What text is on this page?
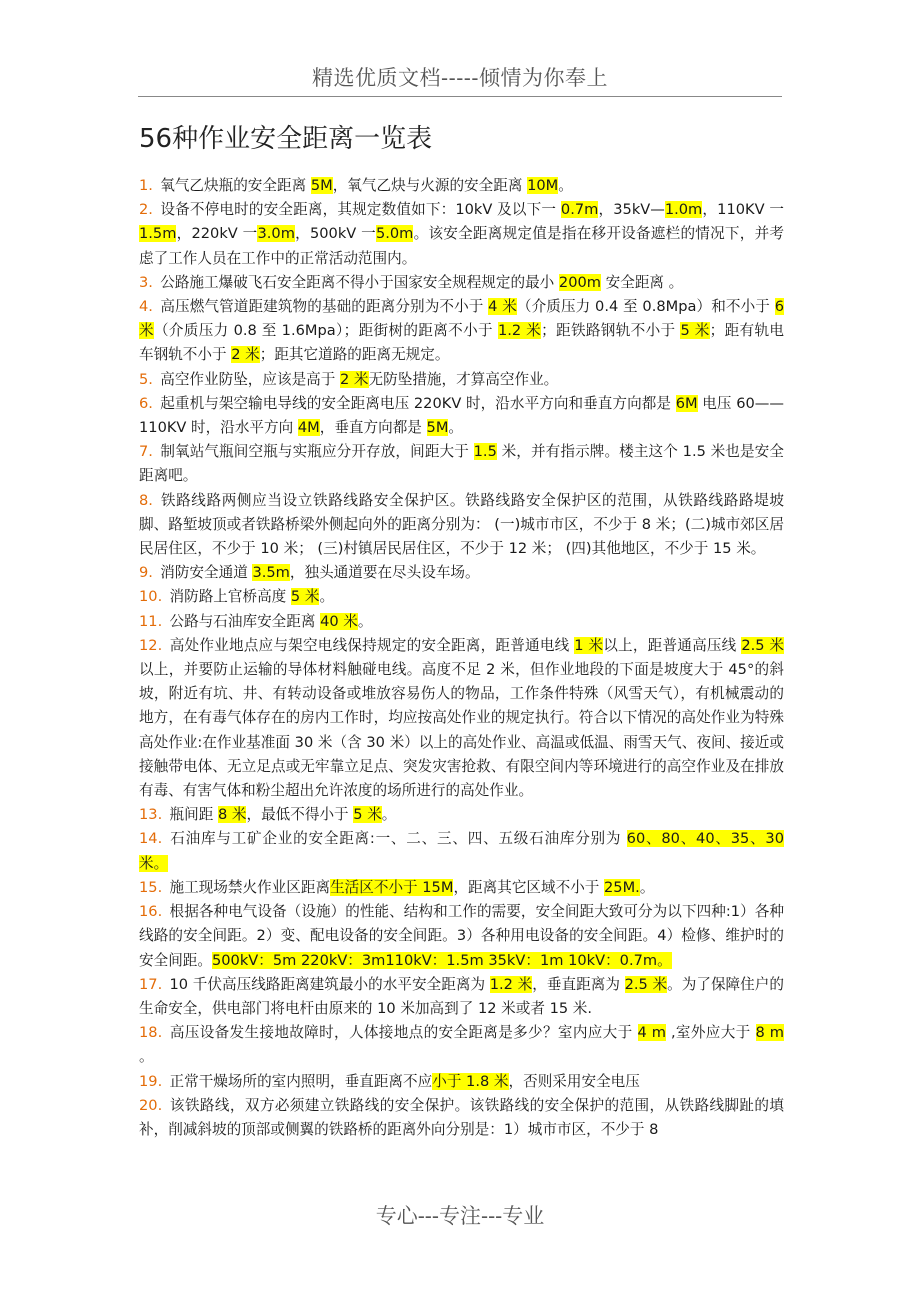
精选优质文档-----倾情为你奉上
56种作业安全距离一览表

1.  氧气乙炔瓶的安全距离 5M，氧气乙炔与火源的安全距离 10M。

2.  设备不停电时的安全距离，其规定数值如下：10kV 及以下一 0.7m，35kV—1.0m，110KV 一1.5m，220kV 一3.0m，500kV 一5.0m。该安全距离规定值是指在移开设备遮栏的情况下，并考虑了工作人员在工作中的正常活动范围内。

3.  公路施工爆破飞石安全距离不得小于国家安全规程规定的最小 200m 安全距离 。

4.  高压燃气管道距建筑物的基础的距离分别为不小于 4 米（介质压力 0.4 至 0.8Mpa）和不小于 6 米（介质压力 0.8 至 1.6Mpa）；距街树的距离不小于 1.2 米；距铁路钢轨不小于 5 米；距有轨电车钢轨不小于 2 米；距其它道路的距离无规定。

5.  高空作业防坠，应该是高于 2 米无防坠措施，才算高空作业。

6.  起重机与架空输电导线的安全距离电压 220KV 时，沿水平方向和垂直方向都是 6M 电压 60——110KV 时，沿水平方向 4M，垂直方向都是 5M。

7.  制氧站气瓶间空瓶与实瓶应分开存放，间距大于 1.5 米，并有指示牌。楼主这个 1.5 米也是安全距离吧。

8.  铁路线路两侧应当设立铁路线路安全保护区。铁路线路安全保护区的范围，从铁路线路路堤坡脚、路堑坡顶或者铁路桥梁外侧起向外的距离分别为： (一)城市市区，不少于 8 米；(二)城市郊区居民居住区，不少于 10 米； (三)村镇居民居住区，不少于 12 米； (四)其他地区，不少于 15 米。

9.  消防安全通道 3.5m，独头通道要在尽头设车场。

10.  消防路上官桥高度 5 米。

11.  公路与石油库安全距离 40 米。

12.  高处作业地点应与架空电线保持规定的安全距离，距普通电线 1 米以上，距普通高压线 2.5 米以上，并要防止运输的导体材料触碰电线。高度不足 2 米，但作业地段的下面是坡度大于 45°的斜坡，附近有坑、井、有转动设备或堆放容易伤人的物品，工作条件特殊（风雪天气），有机械震动的地方，在有毒气体存在的房内工作时，均应按高处作业的规定执行。符合以下情况的高处作业为特殊高处作业:在作业基准面 30 米（含 30 米）以上的高处作业、高温或低温、雨雪天气、夜间、接近或接触带电体、无立足点或无牢靠立足点、突发灾害抢救、有限空间内等环境进行的高空作业及在排放有毒、有害气体和粉尘超出允许浓度的场所进行的高处作业。

13.  瓶间距 8 米，最低不得小于 5 米。

14.  石油库与工矿企业的安全距离:一、二、三、四、五级石油库分别为 60、80、40、35、30 米。

15.  施工现场禁火作业区距离生活区不小于 15M，距离其它区域不小于 25M.。

16.  根据各种电气设备（设施）的性能、结构和工作的需要，安全间距大致可分为以下四种:1）各种线路的安全间距。2）变、配电设备的安全间距。3）各种用电设备的安全间距。4）检修、维护时的安全间距。500kV：5m 220kV：3m110kV：1.5m 35kV：1m 10kV：0.7m。

17.  10 千伏高压线路距离建筑最小的水平安全距离为 1.2 米，垂直距离为 2.5 米。为了保障住户的生命安全，供电部门将电杆由原来的 10 米加高到了 12 米或者 15 米.

18.  高压设备发生接地故障时，人体接地点的安全距离是多少？室内应大于 4 m ,室外应大于 8 m 。

19.  正常干燥场所的室内照明，垂直距离不应小于 1.8 米，否则采用安全电压

20.  该铁路线，双方必须建立铁路线的安全保护。该铁路线的安全保护的范围，从铁路线脚趾的填补，削减斜坡的顶部或侧翼的铁路桥的距离外向分别是：1）城市市区，不少于 8

专心---专注---专业
